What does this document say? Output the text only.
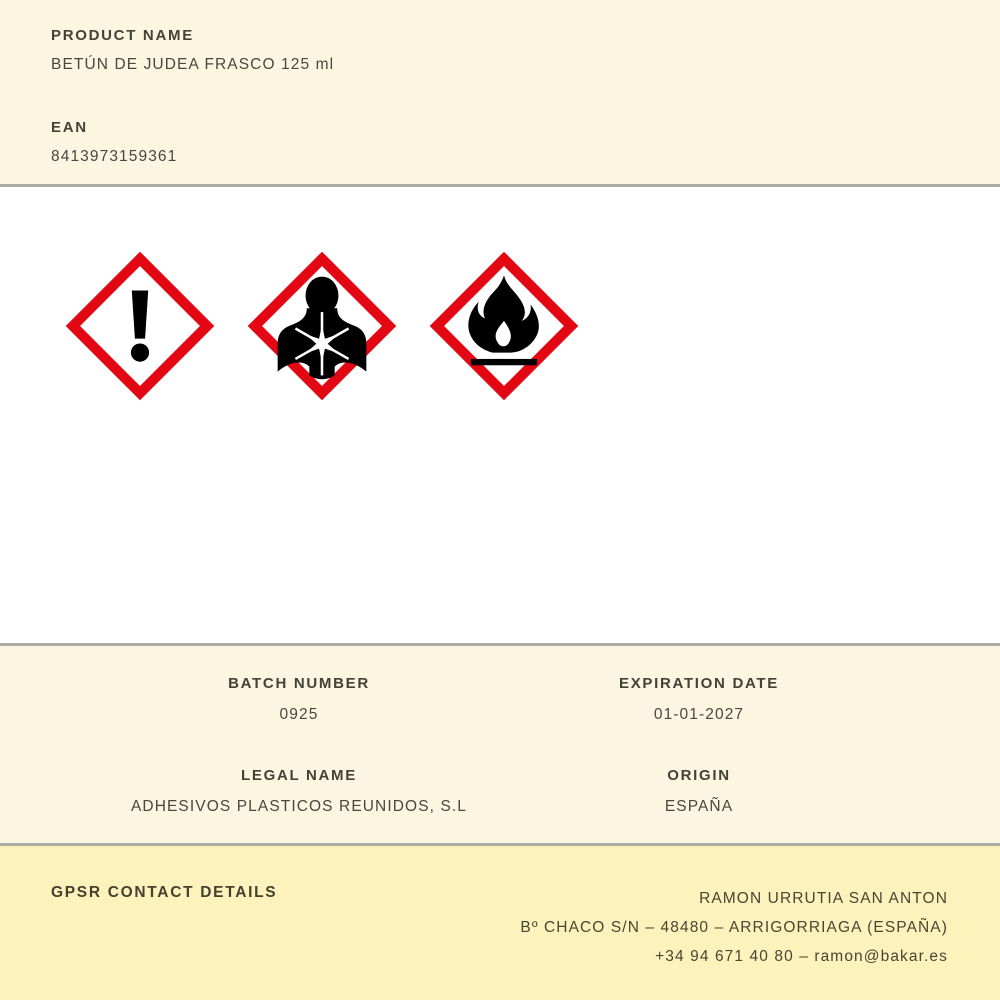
PRODUCT NAME
BETÚN DE JUDEA FRASCO 125 ml
EAN
8413973159361
BATCH NUMBER
0925
EXPIRATION DATE
01-01-2027
LEGAL NAME
ADHESIVOS PLASTICOS REUNIDOS, S.L
ORIGIN
ESPAÑA
GPSR CONTACT DETAILS	RAMON URRUTIA SAN ANTON
Bº CHACO S/N – 48480 – ARRIGORRIAGA (ESPAÑA)
+34 94 671 40 80 – ramon@bakar.es
